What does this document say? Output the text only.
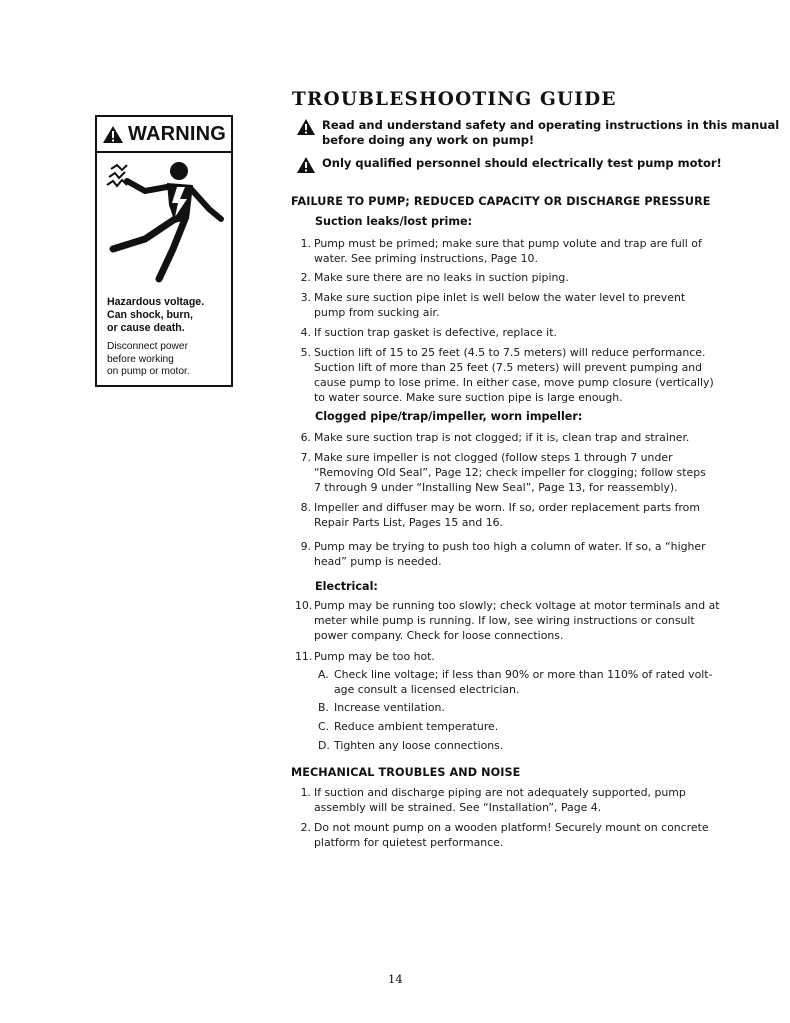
WARNING
Hazardous voltage.
Can shock, burn,
or cause death.
Disconnect power
before working
on pump or motor.
TROUBLESHOOTING GUIDE
Read and understand safety and operating instructions in this manual
before doing any work on pump!
Only qualified personnel should electrically test pump motor!
FAILURE TO PUMP; REDUCED CAPACITY OR DISCHARGE PRESSURE
Suction leaks/lost prime:
1. Pump must be primed; make sure that pump volute and trap are full of
water. See priming instructions, Page 10.
2. Make sure there are no leaks in suction piping.
3. Make sure suction pipe inlet is well below the water level to prevent
pump from sucking air.
4. If suction trap gasket is defective, replace it.
5. Suction lift of 15 to 25 feet (4.5 to 7.5 meters) will reduce performance.
Suction lift of more than 25 feet (7.5 meters) will prevent pumping and
cause pump to lose prime. In either case, move pump closure (vertically)
to water source. Make sure suction pipe is large enough.
Clogged pipe/trap/impeller, worn impeller:
6. Make sure suction trap is not clogged; if it is, clean trap and strainer.
7. Make sure impeller is not clogged (follow steps 1 through 7 under
“Removing Old Seal”, Page 12; check impeller for clogging; follow steps
7 through 9 under “Installing New Seal”, Page 13, for reassembly).
8. Impeller and diffuser may be worn. If so, order replacement parts from
Repair Parts List, Pages 15 and 16.
9. Pump may be trying to push too high a column of water. If so, a “higher
head” pump is needed.
Electrical:
10. Pump may be running too slowly; check voltage at motor terminals and at
meter while pump is running. If low, see wiring instructions or consult
power company. Check for loose connections.
11. Pump may be too hot.
A. Check line voltage; if less than 90% or more than 110% of rated volt-
age consult a licensed electrician.
B. Increase ventilation.
C. Reduce ambient temperature.
D. Tighten any loose connections.
MECHANICAL TROUBLES AND NOISE
1. If suction and discharge piping are not adequately supported, pump
assembly will be strained. See “Installation”, Page 4.
2. Do not mount pump on a wooden platform! Securely mount on concrete
platform for quietest performance.
14
